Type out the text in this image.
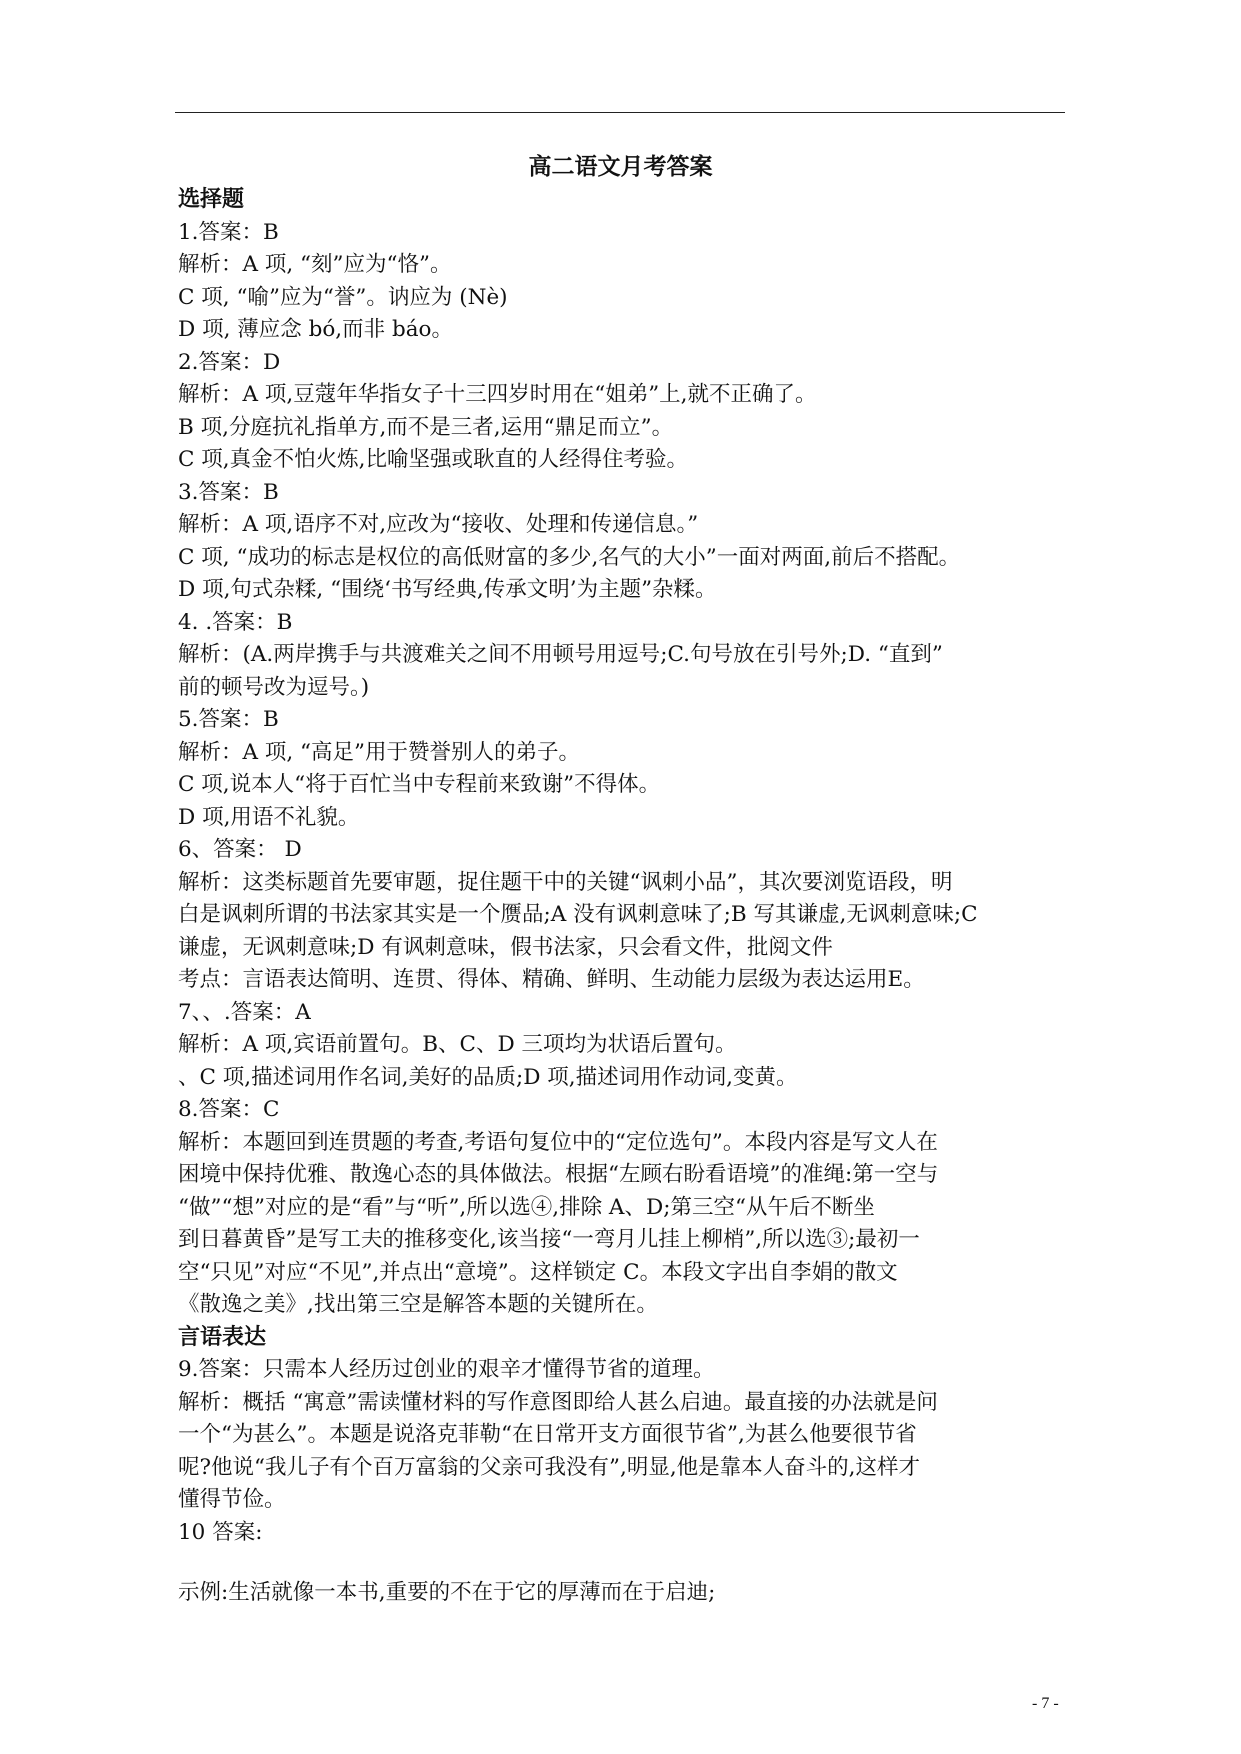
高二语文月考答案
选择题
1.答案：B
解析：A 项, “刻”应为“恪”。
C 项, “喻”应为“誉”。讷应为 (Nè)
D 项, 薄应念 bó,而非 báo。
2.答案：D
解析：A 项,豆蔻年华指女子十三四岁时用在“姐弟”上,就不正确了。
B 项,分庭抗礼指单方,而不是三者,运用“鼎足而立”。
C 项,真金不怕火炼,比喻坚强或耿直的人经得住考验。
3.答案：B
解析：A 项,语序不对,应改为“接收、处理和传递信息。”
C 项, “成功的标志是权位的高低财富的多少,名气的大小”一面对两面,前后不搭配。
D 项,句式杂糅, “围绕‘书写经典,传承文明’为主题”杂糅。
4. .答案：B
解析：(A.两岸携手与共渡难关之间不用顿号用逗号;C.句号放在引号外;D. “直到”
前的顿号改为逗号。)
5.答案：B
解析：A 项, “高足”用于赞誉别人的弟子。
C 项,说本人“将于百忙当中专程前来致谢”不得体。
D 项,用语不礼貌。
6、答案： D
解析：这类标题首先要审题，捉住题干中的关键“讽刺小品”，其次要浏览语段，明
白是讽刺所谓的书法家其实是一个赝品;A 没有讽刺意味了;B 写其谦虚,无讽刺意味;C
谦虚，无讽刺意味;D 有讽刺意味，假书法家，只会看文件，批阅文件
考点：言语表达简明、连贯、得体、精确、鲜明、生动能力层级为表达运用E。
7、、.答案：A
解析：A 项,宾语前置句。B、C、D 三项均为状语后置句。
、C 项,描述词用作名词,美好的品质;D 项,描述词用作动词,变黄。
8.答案：C
解析：本题回到连贯题的考查,考语句复位中的“定位选句”。本段内容是写文人在
困境中保持优雅、散逸心态的具体做法。根据“左顾右盼看语境”的准绳:第一空与
“做”“想”对应的是“看”与“听”,所以选④,排除 A、D;第三空“从午后不断坐
到日暮黄昏”是写工夫的推移变化,该当接“一弯月儿挂上柳梢”,所以选③;最初一
空“只见”对应“不见”,并点出“意境”。这样锁定 C。本段文字出自李娟的散文
《散逸之美》,找出第三空是解答本题的关键所在。
言语表达
9.答案：只需本人经历过创业的艰辛才懂得节省的道理。
解析：概括 “寓意”需读懂材料的写作意图即给人甚么启迪。最直接的办法就是问
一个“为甚么”。本题是说洛克菲勒“在日常开支方面很节省”,为甚么他要很节省
呢?他说“我儿子有个百万富翁的父亲可我没有”,明显,他是靠本人奋斗的,这样才
懂得节俭。
10 答案:
示例:生活就像一本书,重要的不在于它的厚薄而在于启迪;
- 7 -
